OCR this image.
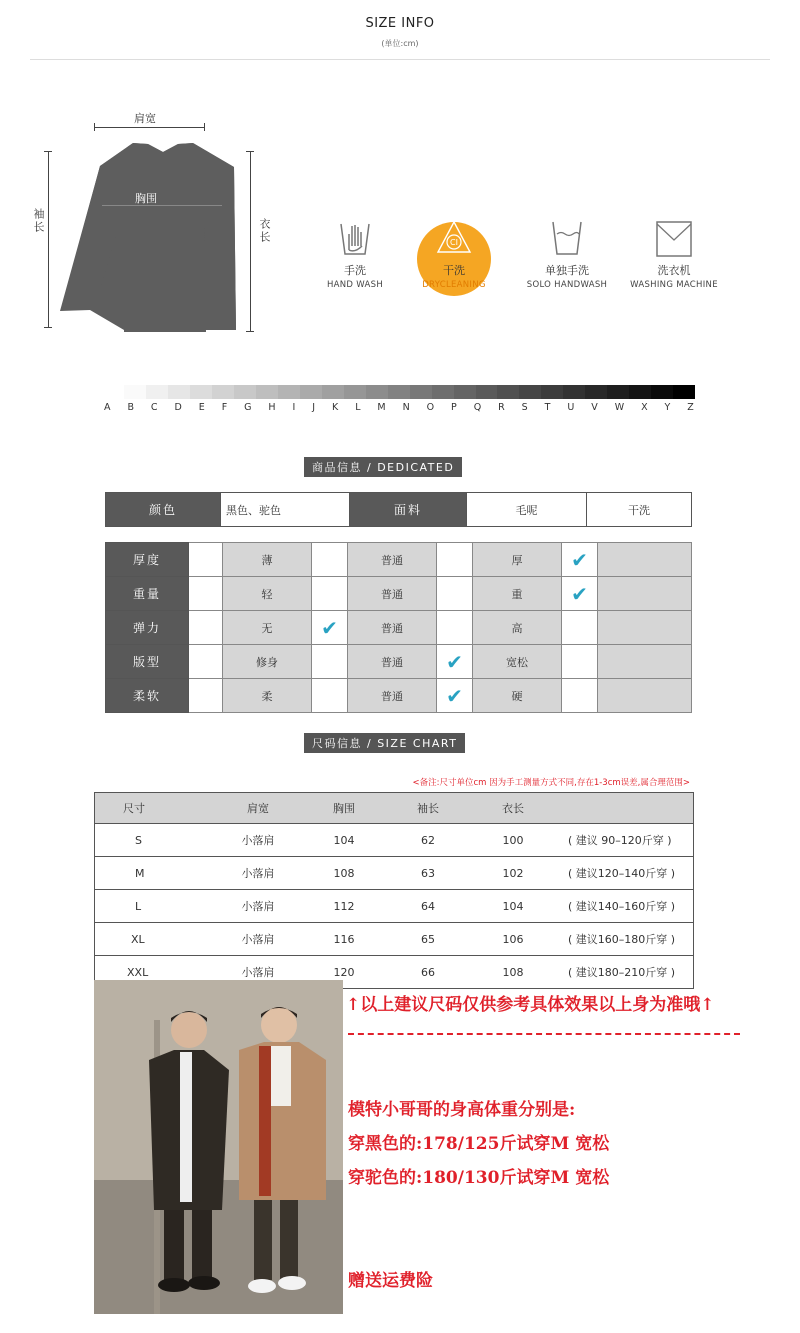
SIZE INFO
(单位:cm)
肩宽
胸围
袖长	衣长
手洗
HAND WASH
CI
干洗
DRYCLEANING
单独手洗
SOLO HANDWASH
洗衣机
WASHING MACHINE
A B C D E F G H I J K L M N O P Q R S T U V W X Y Z
商品信息 / DEDICATED
颜色	黑色、驼色	面料	毛呢	干洗
厚度		薄		普通		厚	✔	
重量		轻		普通		重	✔	
弹力		无	✔	普通		高		
版型		修身		普通	✔	宽松		
柔软		柔		普通	✔	硬		
尺码信息 / SIZE CHART
<备注:尺寸单位cm 因为手工测量方式不同,存在1-3cm误差,属合理范围>
尺寸	肩宽	胸围	袖长	衣长	
S	小落肩	104	62	100	( 建议 90–120斤穿 )
M	小落肩	108	63	102	( 建议120–140斤穿 )
L	小落肩	112	64	104	( 建议140–160斤穿 )
XL	小落肩	116	65	106	( 建议160–180斤穿 )
XXL	小落肩	120	66	108	( 建议180–210斤穿 )
↑以上建议尺码仅供参考具体效果以上身为准哦↑
模特小哥哥的身高体重分别是:
穿黑色的:178/125斤试穿M 宽松
穿驼色的:180/130斤试穿M 宽松
赠送运费险
